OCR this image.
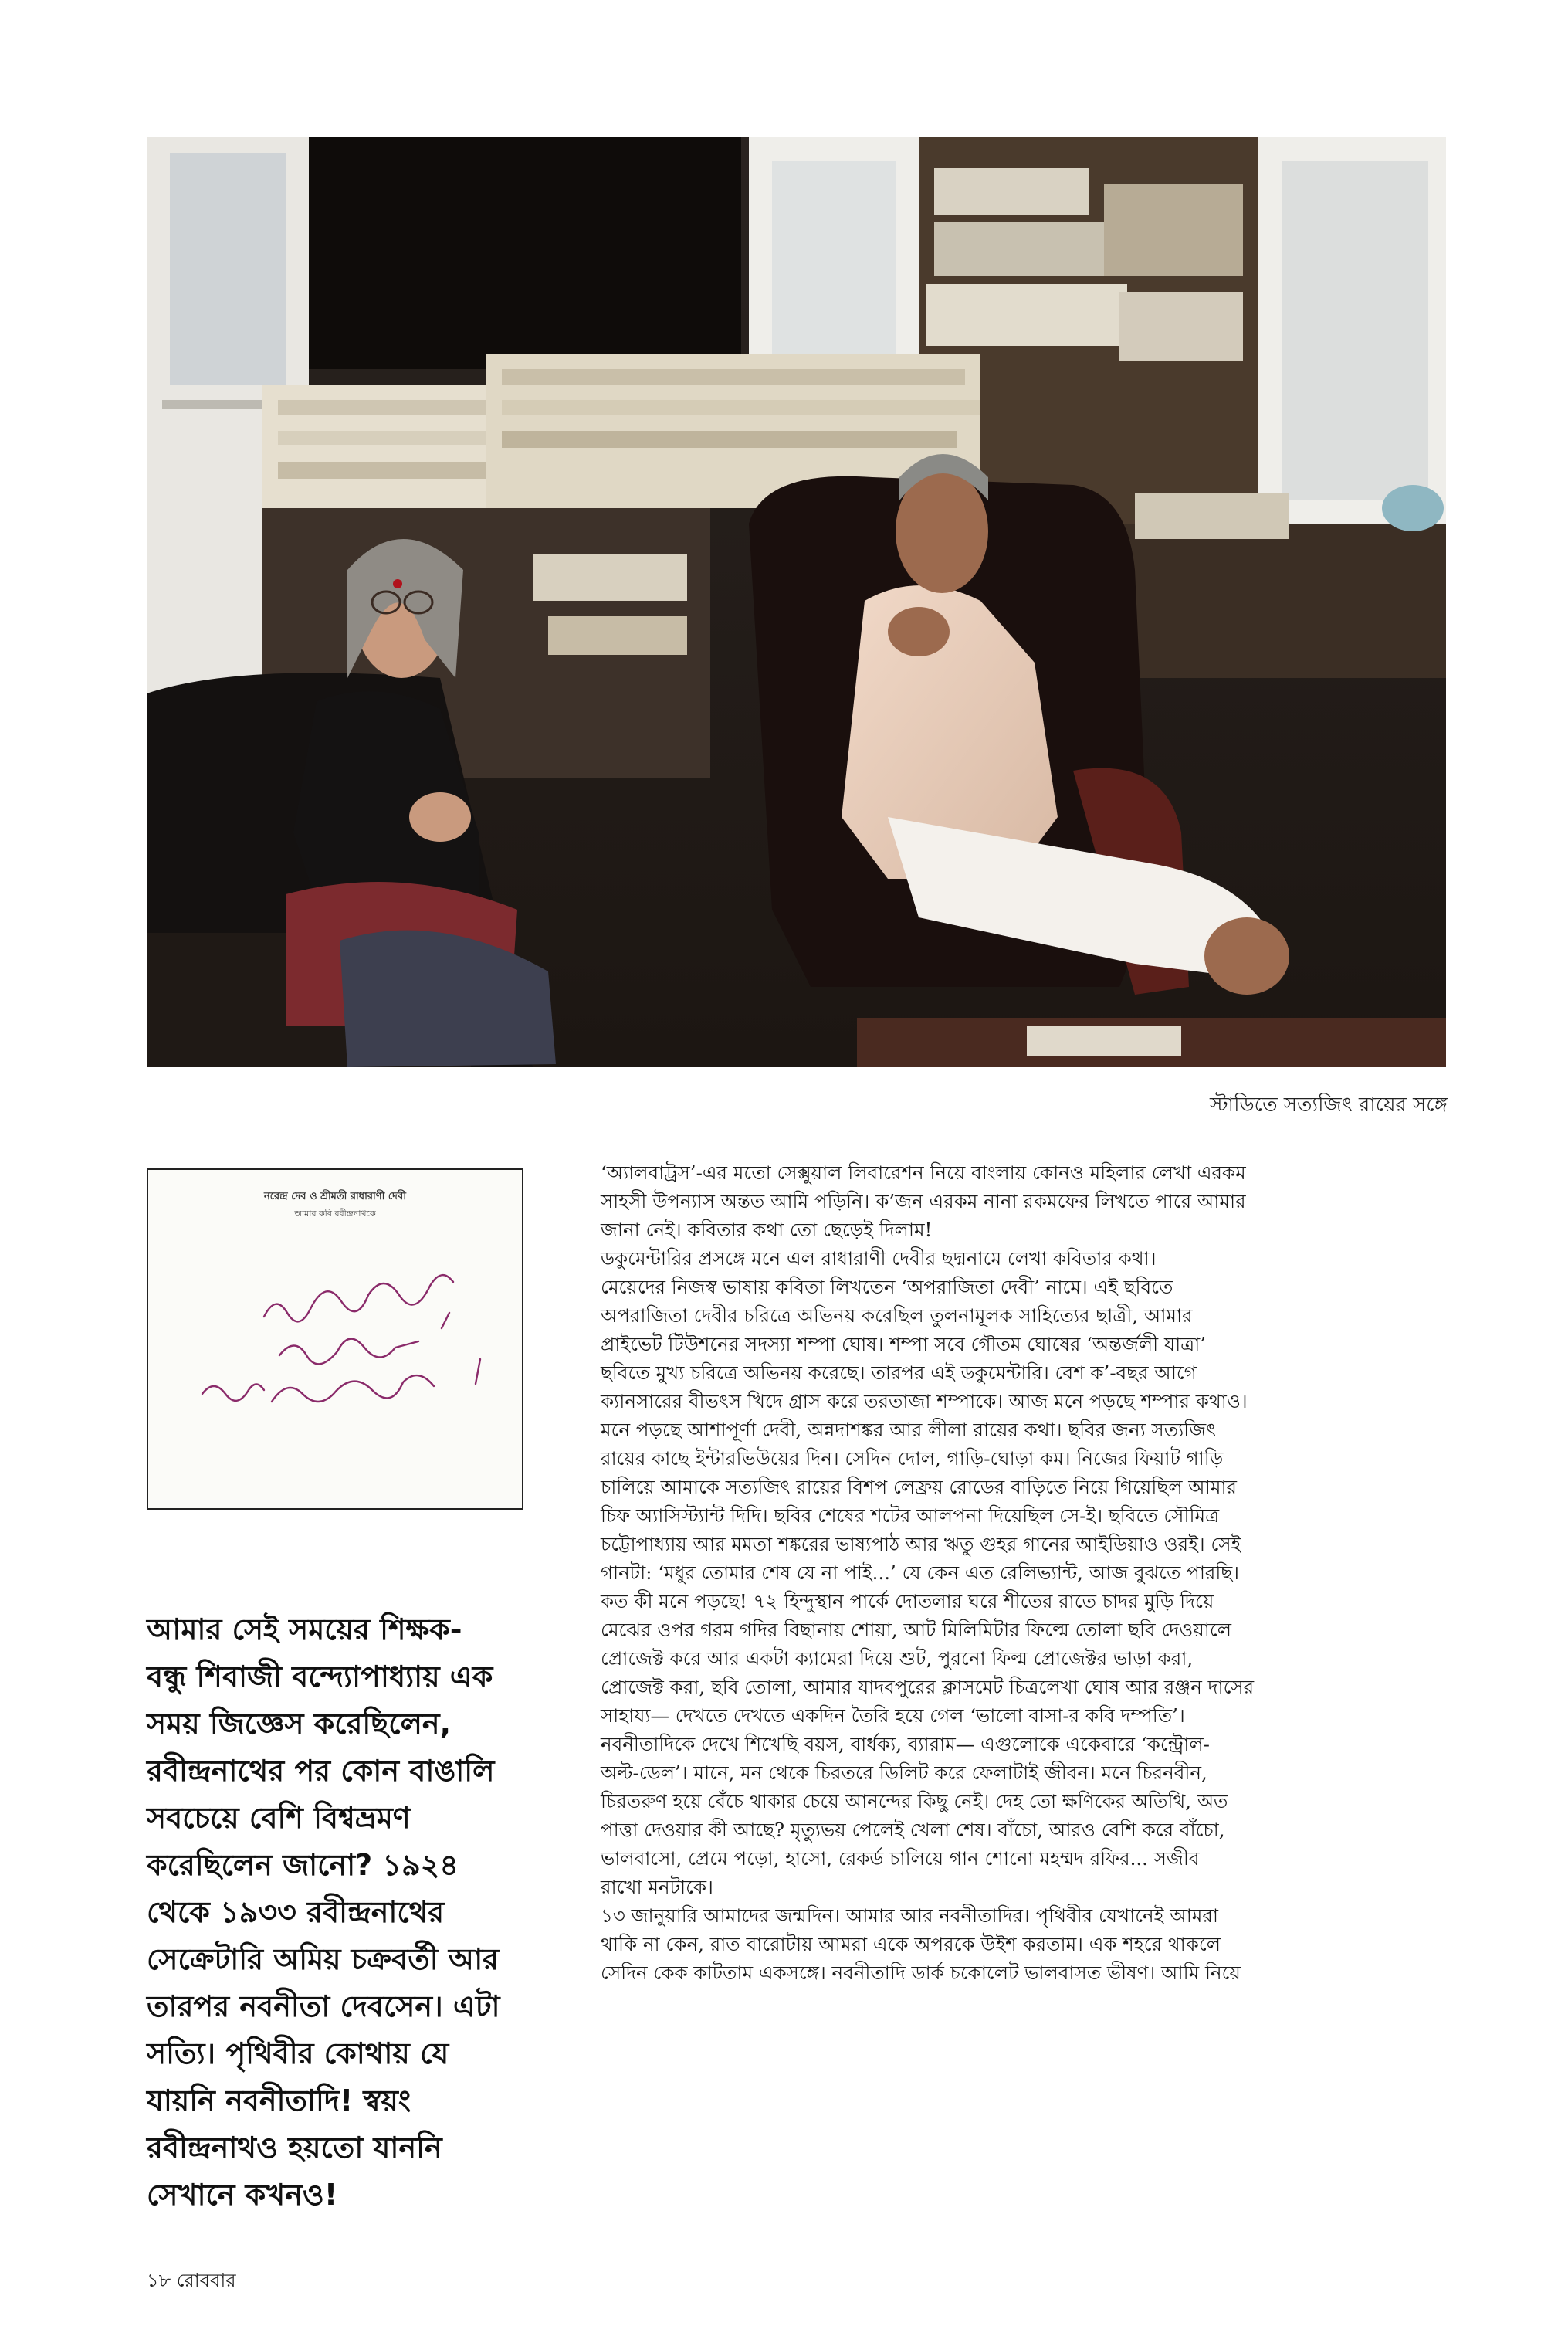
স্টাডিতে সত্যজিৎ রায়ের সঙ্গে
নরেন্দ্র দেব ও শ্রীমতী রাধারাণী দেবী
আমার কবি রবীন্দ্রনাথকে
আমার সেই সময়ের শিক্ষক-
বন্ধু শিবাজী বন্দ্যোপাধ্যায় এক
সময় জিজ্ঞেস করেছিলেন,
রবীন্দ্রনাথের পর কোন বাঙালি
সবচেয়ে বেশি বিশ্বভ্রমণ
করেছিলেন জানো? ১৯২৪
থেকে ১৯৩৩ রবীন্দ্রনাথের
সেক্রেটারি অমিয় চক্রবর্তী আর
তারপর নবনীতা দেবসেন। এটা
সত্যি। পৃথিবীর কোথায় যে
যায়নি নবনীতাদি! স্বয়ং
রবীন্দ্রনাথও হয়তো যাননি
সেখানে কখনও!
‘অ্যালবাট্রস’-এর মতো সেক্সুয়াল লিবারেশন নিয়ে বাংলায় কোনও মহিলার লেখা এরকম
সাহসী উপন্যাস অন্তত আমি পড়িনি। ক’জন এরকম নানা রকমফের লিখতে পারে আমার
জানা নেই। কবিতার কথা তো ছেড়েই দিলাম!
ডকুমেন্টারির প্রসঙ্গে মনে এল রাধারাণী দেবীর ছদ্মনামে লেখা কবিতার কথা।
মেয়েদের নিজস্ব ভাষায় কবিতা লিখতেন ‘অপরাজিতা দেবী’ নামে। এই ছবিতে
অপরাজিতা দেবীর চরিত্রে অভিনয় করেছিল তুলনামূলক সাহিত্যের ছাত্রী, আমার
প্রাইভেট টিউশনের সদস্যা শম্পা ঘোষ। শম্পা সবে গৌতম ঘোষের ‘অন্তর্জলী যাত্রা’
ছবিতে মুখ্য চরিত্রে অভিনয় করেছে। তারপর এই ডকুমেন্টারি। বেশ ক’-বছর আগে
ক্যানসারের বীভৎস খিদে গ্রাস করে তরতাজা শম্পাকে। আজ মনে পড়ছে শম্পার কথাও।
মনে পড়ছে আশাপূর্ণা দেবী, অন্নদাশঙ্কর আর লীলা রায়ের কথা। ছবির জন্য সত্যজিৎ
রায়ের কাছে ইন্টারভিউয়ের দিন। সেদিন দোল, গাড়ি-ঘোড়া কম। নিজের ফিয়াট গাড়ি
চালিয়ে আমাকে সত্যজিৎ রায়ের বিশপ লেফ্রয় রোডের বাড়িতে নিয়ে গিয়েছিল আমার
চিফ অ্যাসিস্ট্যান্ট দিদি। ছবির শেষের শটের আলপনা দিয়েছিল সে-ই। ছবিতে সৌমিত্র
চট্টোপাধ্যায় আর মমতা শঙ্করের ভাষ্যপাঠ আর ঋতু গুহর গানের আইডিয়াও ওরই। সেই
গানটা: ‘মধুর তোমার শেষ যে না পাই...’ যে কেন এত রেলিভ্যান্ট, আজ বুঝতে পারছি।
কত কী মনে পড়ছে! ৭২ হিন্দুস্থান পার্কে দোতলার ঘরে শীতের রাতে চাদর মুড়ি দিয়ে
মেঝের ওপর গরম গদির বিছানায় শোয়া, আট মিলিমিটার ফিল্মে তোলা ছবি দেওয়ালে
প্রোজেক্ট করে আর একটা ক্যামেরা দিয়ে শুট, পুরনো ফিল্ম প্রোজেক্টর ভাড়া করা,
প্রোজেক্ট করা, ছবি তোলা, আমার যাদবপুরের ক্লাসমেট চিত্রলেখা ঘোষ আর রঞ্জন দাসের
সাহায্য— দেখতে দেখতে একদিন তৈরি হয়ে গেল ‘ভালো বাসা-র কবি দম্পতি’।
নবনীতাদিকে দেখে শিখেছি বয়স, বার্ধক্য, ব্যারাম— এগুলোকে একেবারে ‘কন্ট্রোল-
অল্ট-ডেল’। মানে, মন থেকে চিরতরে ডিলিট করে ফেলাটাই জীবন। মনে চিরনবীন,
চিরতরুণ হয়ে বেঁচে থাকার চেয়ে আনন্দের কিছু নেই। দেহ তো ক্ষণিকের অতিথি, অত
পাত্তা দেওয়ার কী আছে? মৃত্যুভয় পেলেই খেলা শেষ। বাঁচো, আরও বেশি করে বাঁচো,
ভালবাসো, প্রেমে পড়ো, হাসো, রেকর্ড চালিয়ে গান শোনো মহম্মদ রফির... সজীব
রাখো মনটাকে।
১৩ জানুয়ারি আমাদের জন্মদিন। আমার আর নবনীতাদির। পৃথিবীর যেখানেই আমরা
থাকি না কেন, রাত বারোটায় আমরা একে অপরকে উইশ করতাম। এক শহরে থাকলে
সেদিন কেক কাটতাম একসঙ্গে। নবনীতাদি ডার্ক চকোলেট ভালবাসত ভীষণ। আমি নিয়ে
১৮ রোববার
